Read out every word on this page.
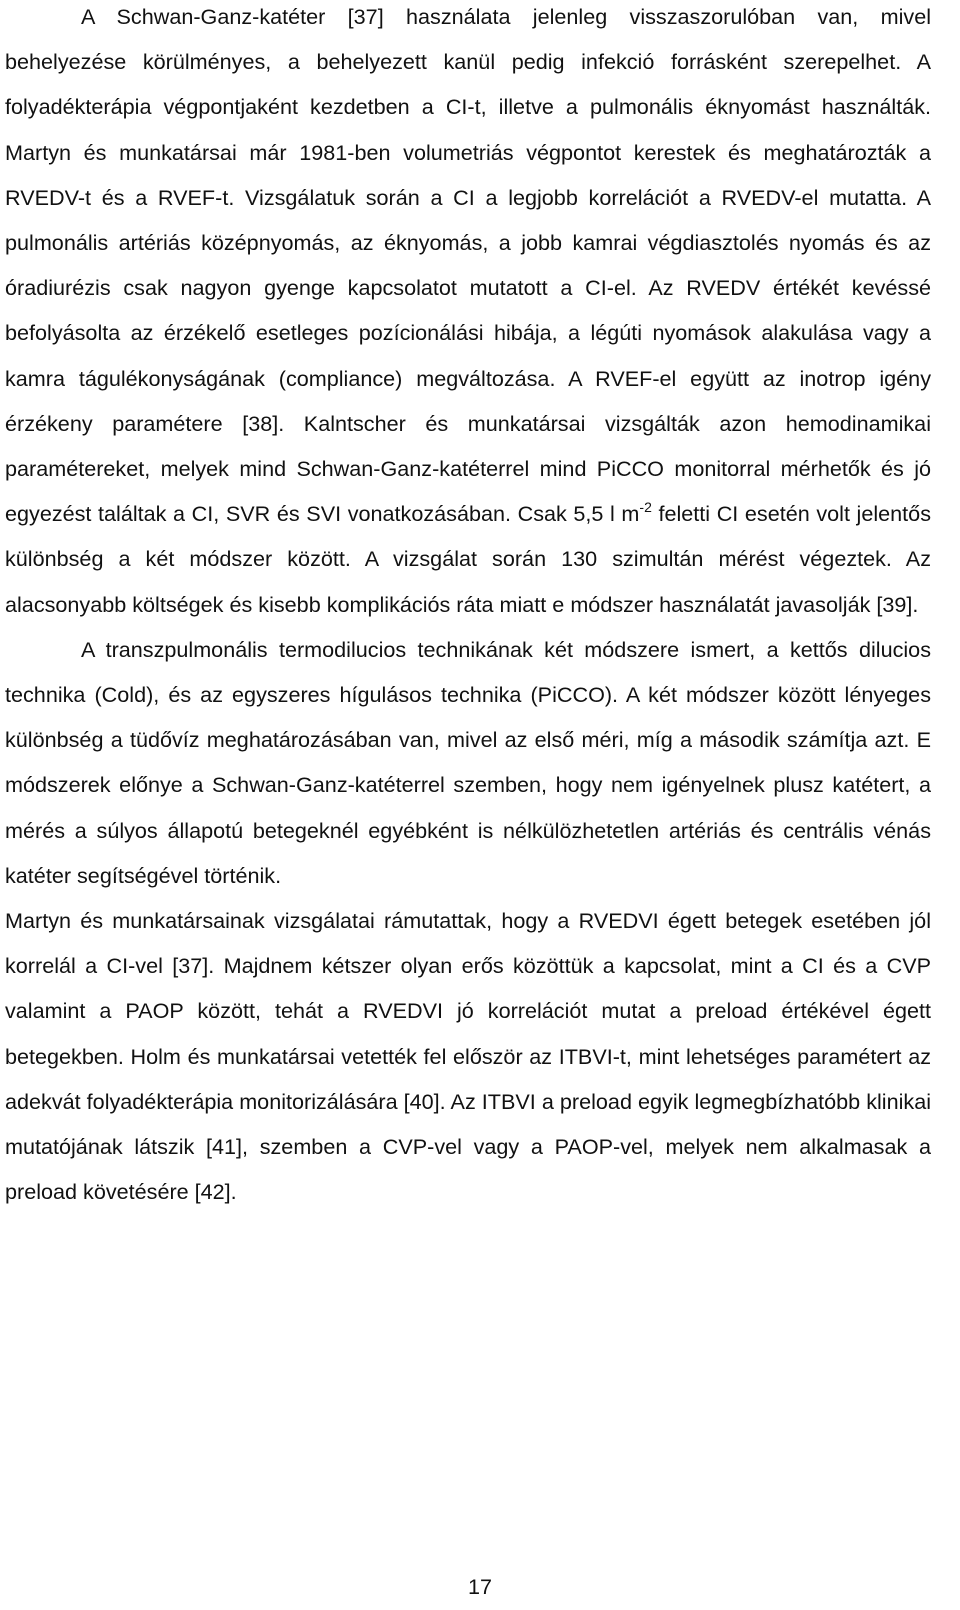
A Schwan-Ganz-katéter [37] használata jelenleg visszaszorulóban van, mivel behelyezése körülményes, a behelyezett kanül pedig infekció forrásként szerepelhet. A folyadékterápia végpontjaként kezdetben a CI-t, illetve a pulmonális éknyomást használták. Martyn és munkatársai már 1981-ben volumetriás végpontot kerestek és meghatározták a RVEDV-t és a RVEF-t. Vizsgálatuk során a CI a legjobb korrelációt a RVEDV-el mutatta. A pulmonális artériás középnyomás, az éknyomás, a jobb kamrai végdiasztolés nyomás és az óradiurézis csak nagyon gyenge kapcsolatot mutatott a CI-el. Az RVEDV értékét kevéssé befolyásolta az érzékelő esetleges pozícionálási hibája, a légúti nyomások alakulása vagy a kamra tágulékonyságának (compliance) megváltozása. A RVEF-el együtt az inotrop igény érzékeny paramétere [38]. Kalntscher és munkatársai vizsgálták azon hemodinamikai paramétereket, melyek mind Schwan-Ganz-katéterrel mind PiCCO monitorral mérhetők és jó egyezést találtak a CI, SVR és SVI vonatkozásában. Csak 5,5 l $m^{-2}$ feletti CI esetén volt jelentős különbség a két módszer között. A vizsgálat során 130 szimultán mérést végeztek. Az alacsonyabb költségek és kisebb komplikációs ráta miatt e módszer használatát javasolják [39].

A transzpulmonális termodilucios technikának két módszere ismert, a kettős dilucios technika (Cold), és az egyszeres hígulásos technika (PiCCO). A két módszer között lényeges különbség a tüdővíz meghatározásában van, mivel az első méri, míg a második számítja azt. E módszerek előnye a Schwan-Ganz-katéterrel szemben, hogy nem igényelnek plusz katétert, a mérés a súlyos állapotú betegeknél egyébként is nélkülözhetetlen artériás és centrális vénás katéter segítségével történik.

Martyn és munkatársainak vizsgálatai rámutattak, hogy a RVEDVI égett betegek esetében jól korrelál a CI-vel [37]. Majdnem kétszer olyan erős közöttük a kapcsolat, mint a CI és a CVP valamint a PAOP között, tehát a RVEDVI jó korrelációt mutat a preload értékével égett betegekben. Holm és munkatársai vetették fel először az ITBVI-t, mint lehetséges paramétert az adekvát folyadékterápia monitorizálására [40]. Az ITBVI a preload egyik legmegbízhatóbb klinikai mutatójának látszik [41], szemben a CVP-vel vagy a PAOP-vel, melyek nem alkalmasak a preload követésére [42].

17
